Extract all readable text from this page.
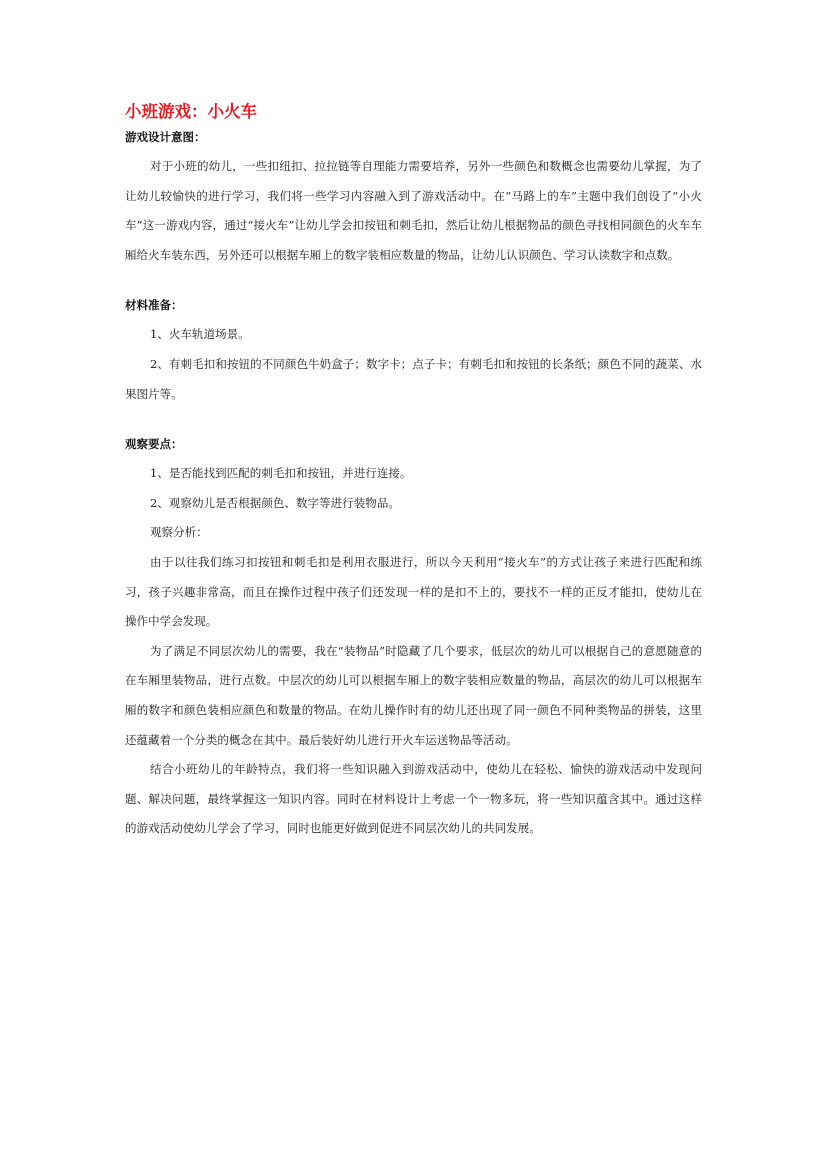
小班游戏：小火车

游戏设计意图：

对于小班的幼儿，一些扣纽扣、拉拉链等自理能力需要培养，另外一些颜色和数概念也需要幼儿掌握，为了让幼儿较愉快的进行学习，我们将一些学习内容融入到了游戏活动中。在“马路上的车”主题中我们创设了“小火车”这一游戏内容，通过“接火车”让幼儿学会扣按钮和刺毛扣，然后让幼儿根据物品的颜色寻找相同颜色的火车车厢给火车装东西，另外还可以根据车厢上的数字装相应数量的物品，让幼儿认识颜色、学习认读数字和点数。

材料准备：

1、火车轨道场景。

2、有刺毛扣和按钮的不同颜色牛奶盒子；数字卡；点子卡；有刺毛扣和按钮的长条纸；颜色不同的蔬菜、水果图片等。

观察要点：

1、是否能找到匹配的刺毛扣和按钮，并进行连接。

2、观察幼儿是否根据颜色、数字等进行装物品。

观察分析：

由于以往我们练习扣按钮和刺毛扣是利用衣服进行，所以今天利用“接火车”的方式让孩子来进行匹配和练习，孩子兴趣非常高，而且在操作过程中孩子们还发现一样的是扣不上的，要找不一样的正反才能扣，使幼儿在操作中学会发现。

为了满足不同层次幼儿的需要，我在“装物品”时隐藏了几个要求，低层次的幼儿可以根据自己的意愿随意的在车厢里装物品，进行点数。中层次的幼儿可以根据车厢上的数字装相应数量的物品，高层次的幼儿可以根据车厢的数字和颜色装相应颜色和数量的物品。在幼儿操作时有的幼儿还出现了同一颜色不同种类物品的拼装，这里还蕴藏着一个分类的概念在其中。最后装好幼儿进行开火车运送物品等活动。

结合小班幼儿的年龄特点，我们将一些知识融入到游戏活动中，使幼儿在轻松、愉快的游戏活动中发现问题、解决问题，最终掌握这一知识内容。同时在材料设计上考虑一个一物多玩，将一些知识蕴含其中。通过这样的游戏活动使幼儿学会了学习，同时也能更好做到促进不同层次幼儿的共同发展。
